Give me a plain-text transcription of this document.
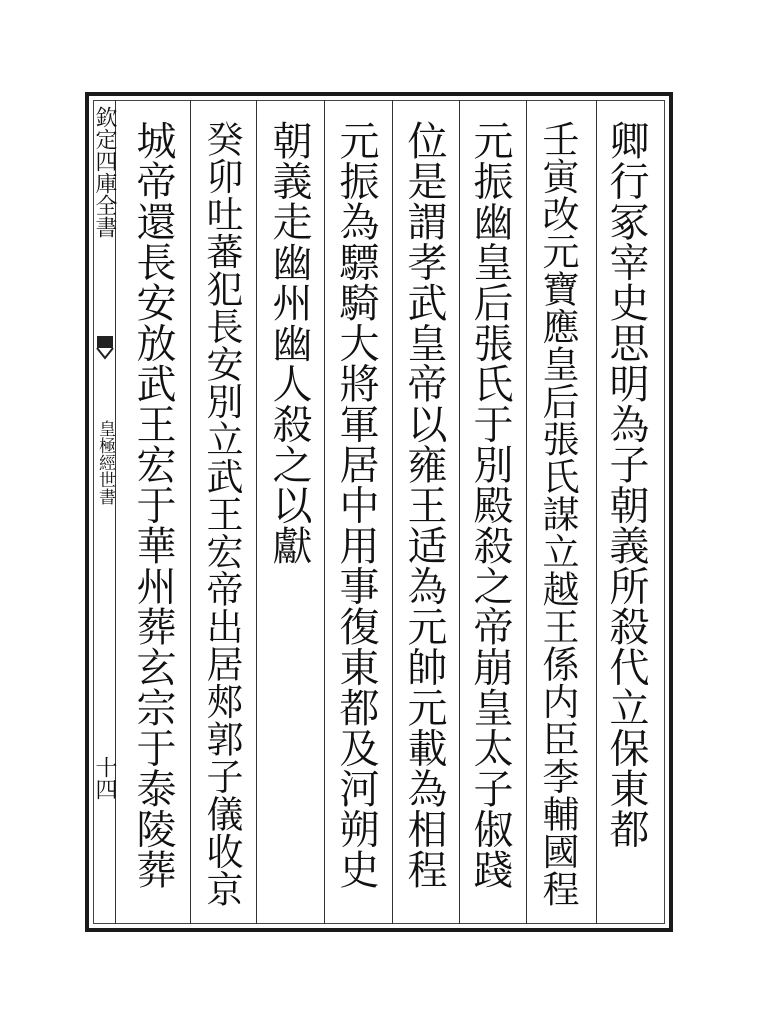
欽定四庫全書
皇極經世書
十四	卿行冢宰史思明為子朝義所殺代立保東都
壬寅改元寶應皇后張氏謀立越王係内臣李輔國程
元振幽皇后張氏于別殿殺之帝崩皇太子俶踐
位是謂孝武皇帝以雍王适為元帥元載為相程
元振為驃騎大將軍居中用事復東都及河朔史
朝義走幽州幽人殺之以獻
癸卯吐蕃犯長安別立武王宏帝出居郟郭子儀收京
城帝還長安放武王宏于華州葬玄宗于泰陵葬
